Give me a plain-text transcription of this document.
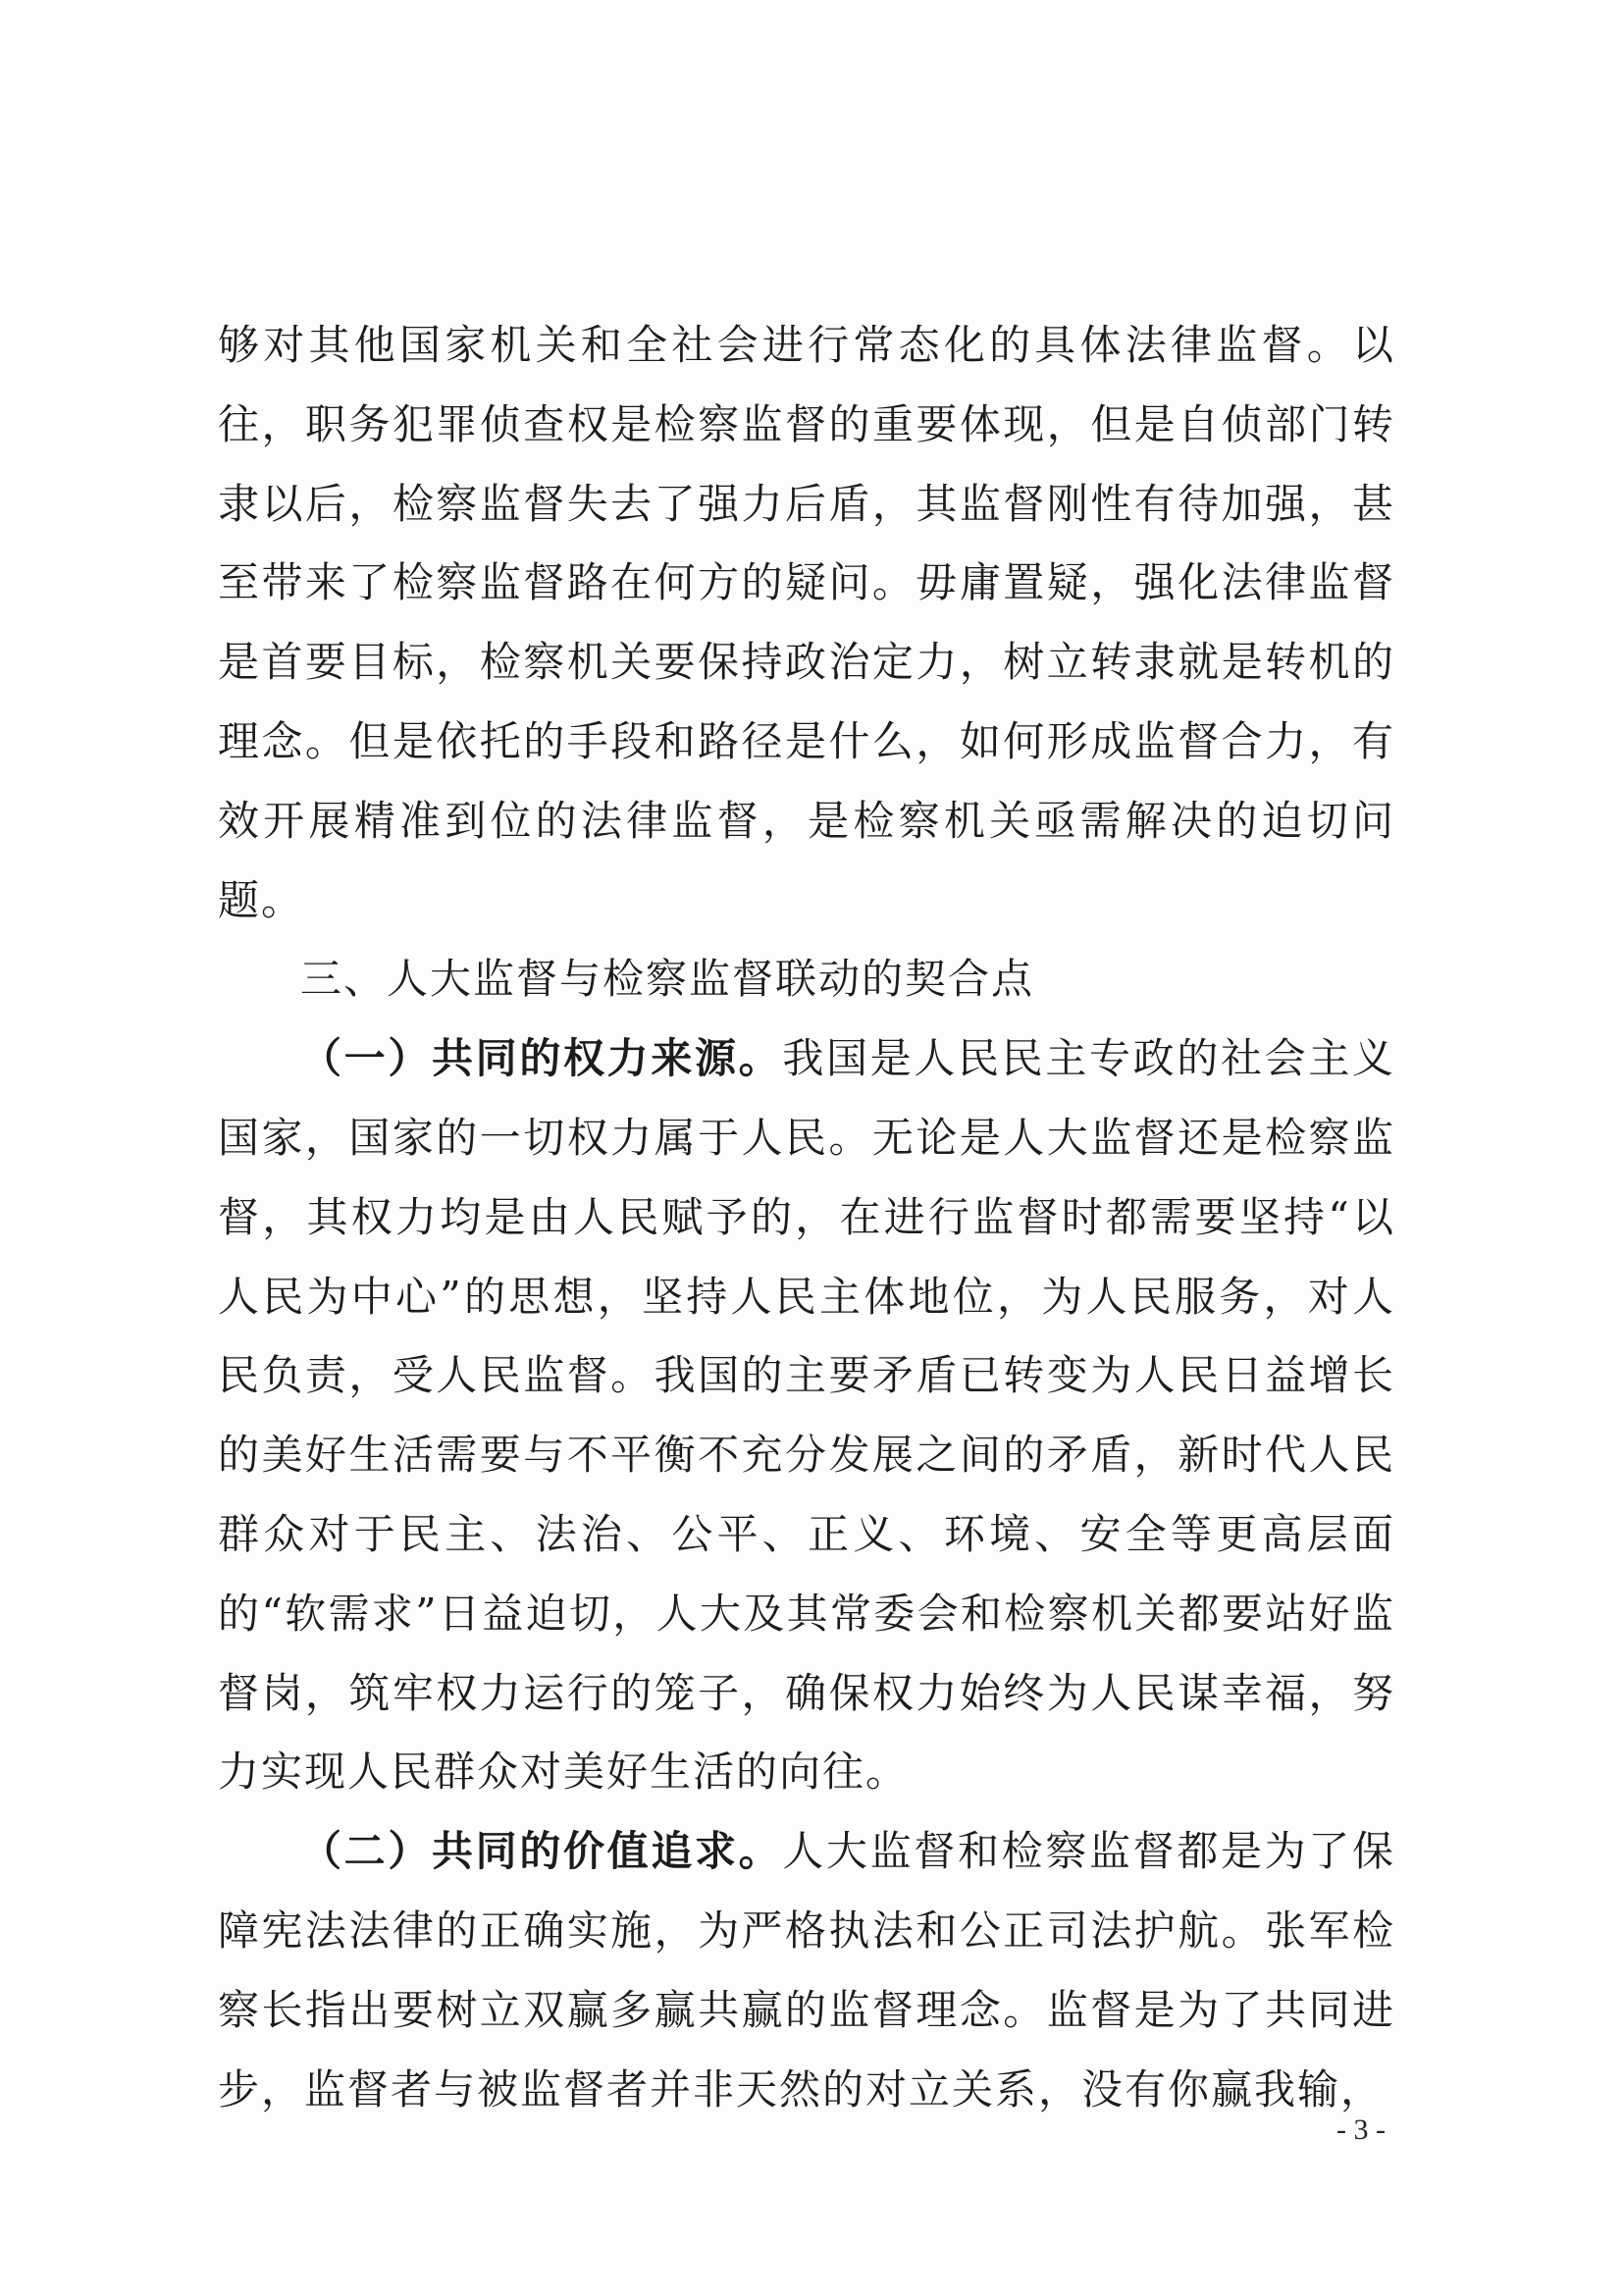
够对其他国家机关和全社会进行常态化的具体法律监督。以往，职务犯罪侦查权是检察监督的重要体现，但是自侦部门转隶以后，检察监督失去了强力后盾，其监督刚性有待加强，甚至带来了检察监督路在何方的疑问。毋庸置疑，强化法律监督是首要目标，检察机关要保持政治定力，树立转隶就是转机的理念。但是依托的手段和路径是什么，如何形成监督合力，有效开展精准到位的法律监督，是检察机关亟需解决的迫切问题。

三、人大监督与检察监督联动的契合点

（一）共同的权力来源。我国是人民民主专政的社会主义国家，国家的一切权力属于人民。无论是人大监督还是检察监督，其权力均是由人民赋予的，在进行监督时都需要坚持“以人民为中心”的思想，坚持人民主体地位，为人民服务，对人民负责，受人民监督。我国的主要矛盾已转变为人民日益增长的美好生活需要与不平衡不充分发展之间的矛盾，新时代人民群众对于民主、法治、公平、正义、环境、安全等更高层面的“软需求”日益迫切，人大及其常委会和检察机关都要站好监督岗，筑牢权力运行的笼子，确保权力始终为人民谋幸福，努力实现人民群众对美好生活的向往。

（二）共同的价值追求。人大监督和检察监督都是为了保障宪法法律的正确实施，为严格执法和公正司法护航。张军检察长指出要树立双赢多赢共赢的监督理念。监督是为了共同进步，监督者与被监督者并非天然的对立关系，没有你赢我输，

- 3 -
